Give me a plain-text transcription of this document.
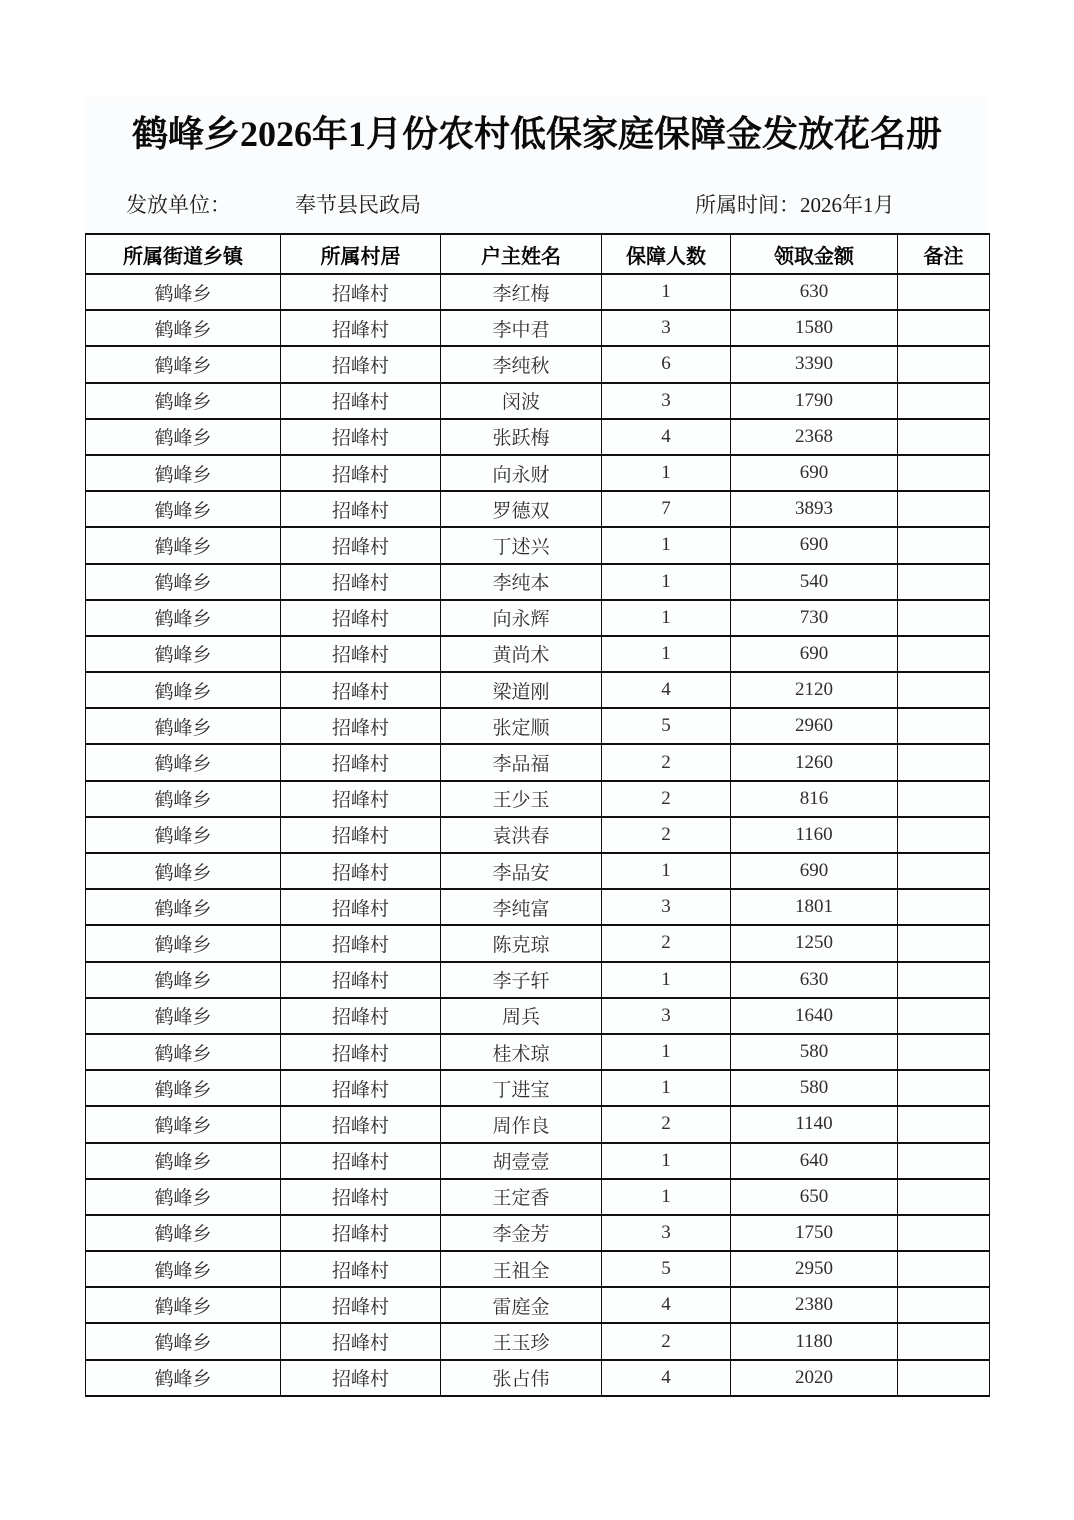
鹤峰乡2026年1月份农村低保家庭保障金发放花名册
发放单位：	奉节县民政局	所属时间：2026年1月
所属街道乡镇	所属村居	户主姓名	保障人数	领取金额	备注
鹤峰乡	招峰村	李红梅	1	630	
鹤峰乡	招峰村	李中君	3	1580	
鹤峰乡	招峰村	李纯秋	6	3390	
鹤峰乡	招峰村	闵波	3	1790	
鹤峰乡	招峰村	张跃梅	4	2368	
鹤峰乡	招峰村	向永财	1	690	
鹤峰乡	招峰村	罗德双	7	3893	
鹤峰乡	招峰村	丁述兴	1	690	
鹤峰乡	招峰村	李纯本	1	540	
鹤峰乡	招峰村	向永辉	1	730	
鹤峰乡	招峰村	黄尚术	1	690	
鹤峰乡	招峰村	梁道刚	4	2120	
鹤峰乡	招峰村	张定顺	5	2960	
鹤峰乡	招峰村	李品福	2	1260	
鹤峰乡	招峰村	王少玉	2	816	
鹤峰乡	招峰村	袁洪春	2	1160	
鹤峰乡	招峰村	李品安	1	690	
鹤峰乡	招峰村	李纯富	3	1801	
鹤峰乡	招峰村	陈克琼	2	1250	
鹤峰乡	招峰村	李子轩	1	630	
鹤峰乡	招峰村	周兵	3	1640	
鹤峰乡	招峰村	桂术琼	1	580	
鹤峰乡	招峰村	丁进宝	1	580	
鹤峰乡	招峰村	周作良	2	1140	
鹤峰乡	招峰村	胡壹壹	1	640	
鹤峰乡	招峰村	王定香	1	650	
鹤峰乡	招峰村	李金芳	3	1750	
鹤峰乡	招峰村	王祖全	5	2950	
鹤峰乡	招峰村	雷庭金	4	2380	
鹤峰乡	招峰村	王玉珍	2	1180	
鹤峰乡	招峰村	张占伟	4	2020	
